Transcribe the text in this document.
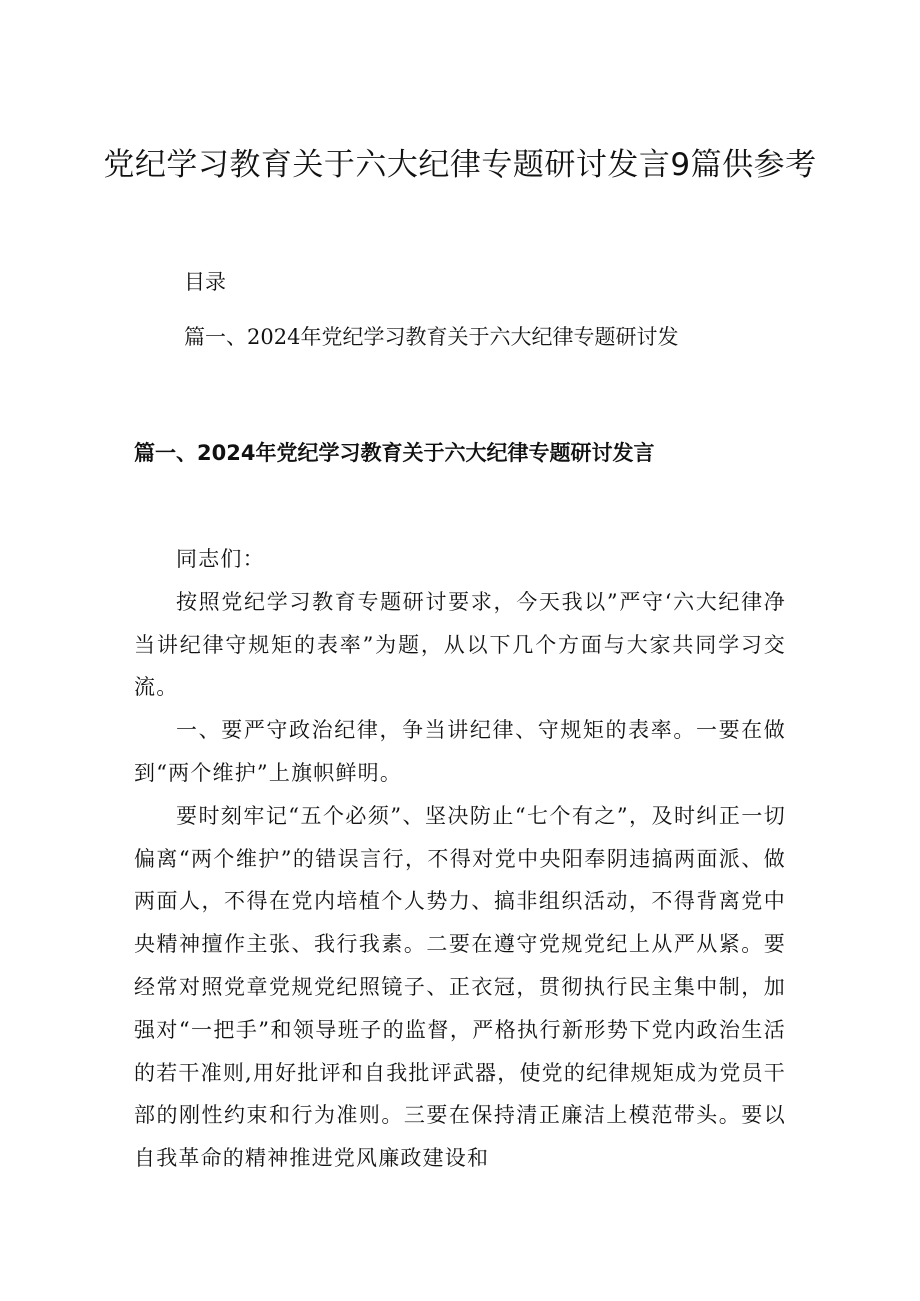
党纪学习教育关于六大纪律专题研讨发言9篇供参考
目录
篇一、2024年党纪学习教育关于六大纪律专题研讨发
篇一、2024年党纪学习教育关于六大纪律专题研讨发言

同志们：

按照党纪学习教育专题研讨要求，今天我以”严守‘六大纪律净当讲纪律守规矩的表率”为题，从以下几个方面与大家共同学习交流。

一、要严守政治纪律，争当讲纪律、守规矩的表率。一要在做到“两个维护”上旗帜鲜明。

要时刻牢记“五个必须”、坚决防止“七个有之”，及时纠正一切偏离“两个维护”的错误言行，不得对党中央阳奉阴违搞两面派、做两面人，不得在党内培植个人势力、搞非组织活动，不得背离党中央精神擅作主张、我行我素。二要在遵守党规党纪上从严从紧。要经常对照党章党规党纪照镜子、正衣冠，贯彻执行民主集中制，加强对“一把手”和领导班子的监督，严格执行新形势下党内政治生活的若干准则,用好批评和自我批评武器，使党的纪律规矩成为党员干部的刚性约束和行为准则。三要在保持清正廉洁上模范带头。要以自我革命的精神推进党风廉政建设和
